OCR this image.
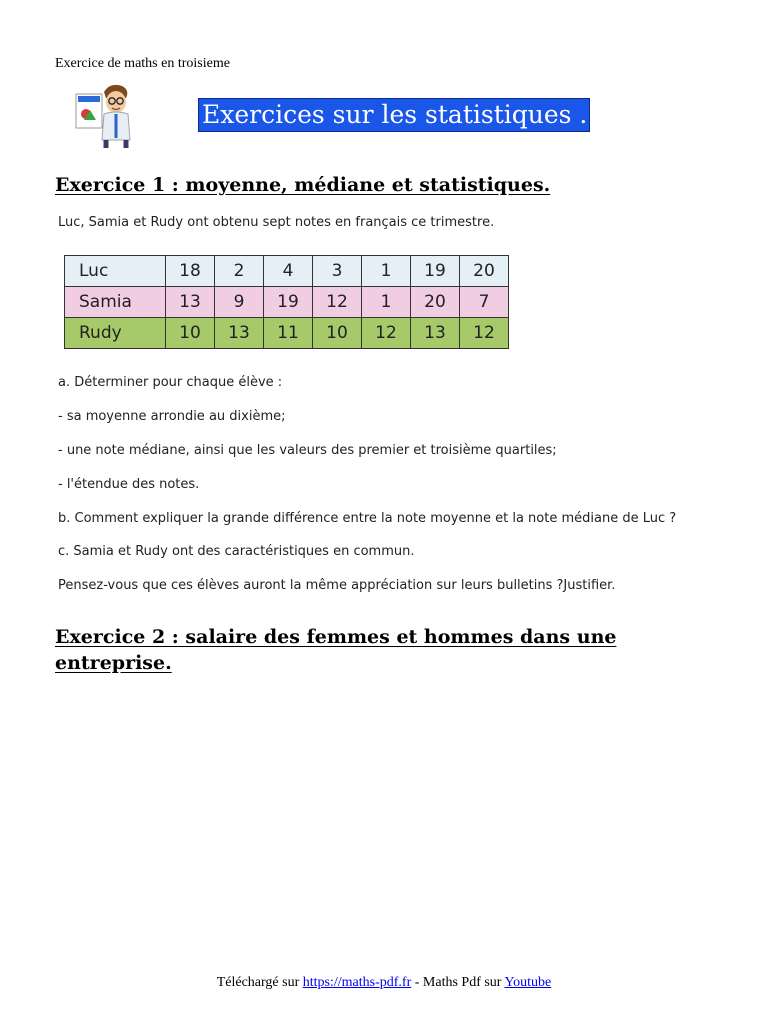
Exercice de maths en troisieme
Exercices sur les statistiques .
Exercice 1 : moyenne, médiane et statistiques.
Luc, Samia et Rudy ont obtenu sept notes en français ce trimestre.
Luc	18	2	4	3	1	19	20
Samia	13	9	19	12	1	20	7
Rudy	10	13	11	10	12	13	12
a. Déterminer pour chaque élève :
- sa moyenne arrondie au dixième;
- une note médiane, ainsi que les valeurs des premier et troisième quartiles;
- l'étendue des notes.
b. Comment expliquer la grande différence entre la note moyenne et la note médiane de Luc ?
c. Samia et Rudy ont des caractéristiques en commun.
Pensez-vous que ces élèves auront la même appréciation sur leurs bulletins ?Justifier.
Exercice 2 : salaire des femmes et hommes dans une entreprise.
Téléchargé sur https://maths-pdf.fr - Maths Pdf sur Youtube
